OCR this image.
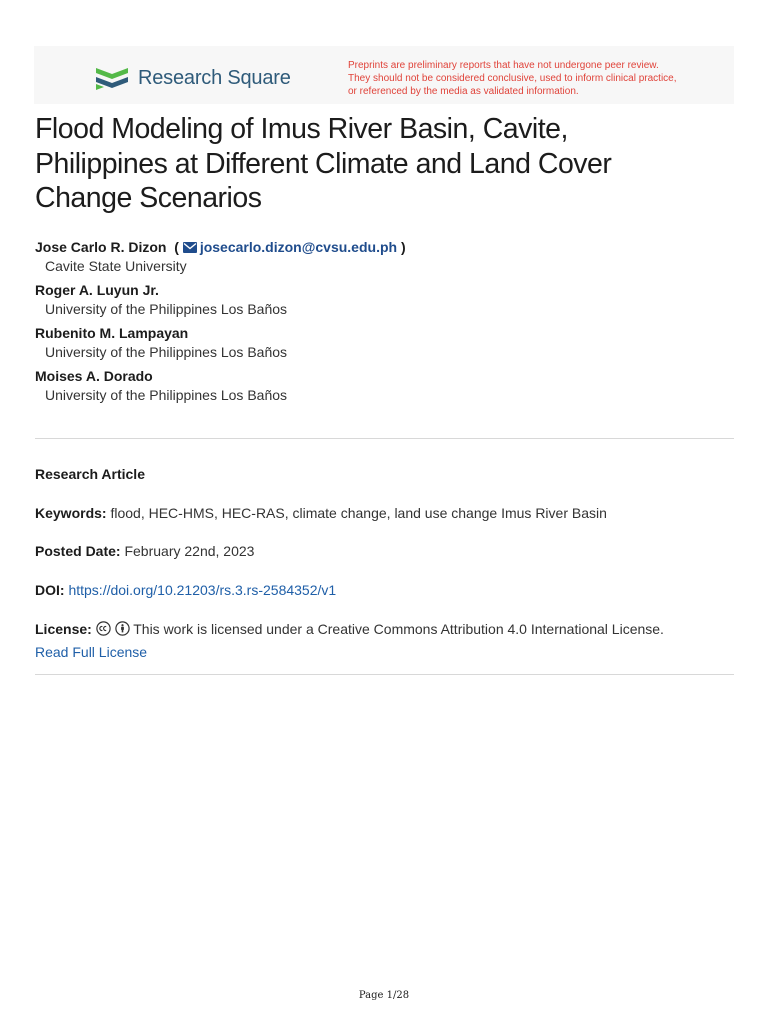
Research Square
Preprints are preliminary reports that have not undergone peer review.
They should not be considered conclusive, used to inform clinical practice,
or referenced by the media as validated information.
Flood Modeling of Imus River Basin, Cavite,
Philippines at Different Climate and Land Cover
Change Scenarios
Jose Carlo R. Dizon  ( josecarlo.dizon@cvsu.edu.ph )
Cavite State University
Roger A. Luyun Jr.
University of the Philippines Los Baños
Rubenito M. Lampayan
University of the Philippines Los Baños
Moises A. Dorado
University of the Philippines Los Baños
Research Article
Keywords: flood, HEC-HMS, HEC-RAS, climate change, land use change Imus River Basin
Posted Date: February 22nd, 2023
DOI: https://doi.org/10.21203/rs.3.rs-2584352/v1
License:	This work is licensed under a Creative Commons Attribution 4.0 International License.
Read Full License
Page 1/28
